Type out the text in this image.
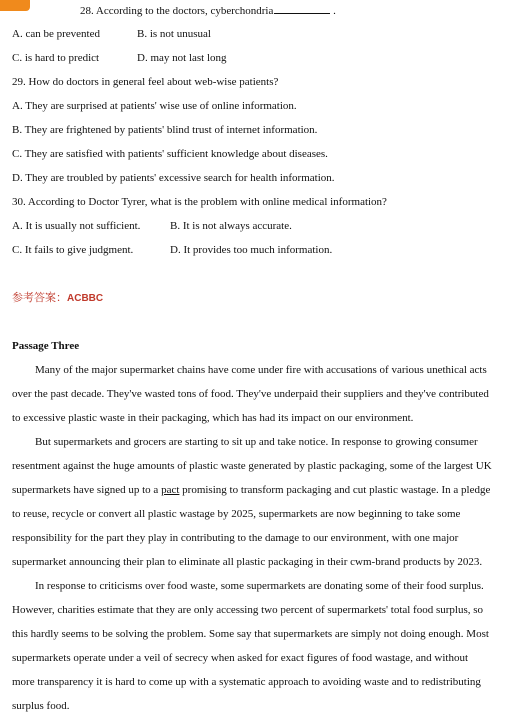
28. According to the doctors, cyberchondria	.
A. can be prevented	B. is not unusual
C. is hard to predict	D. may not last long
29. How do doctors in general feel about web-wise patients?
A. They are surprised at patients' wise use of online information.
B. They are frightened by patients' blind trust of internet information.
C. They are satisfied with patients' sufficient knowledge about diseases.
D. They are troubled by patients' excessive search for health information.
30. According to Doctor Tyrer, what is the problem with online medical information?
A. It is usually not sufficient.	B. It is not always accurate.
C. It fails to give judgment.	D. It provides too much information.
参考答案：ACBBC
Passage Three
Many of the major supermarket chains have come under fire with accusations of various unethical acts
over the past decade. They've wasted tons of food. They've underpaid their suppliers and they've contributed
to excessive plastic waste in their packaging, which has had its impact on our environment.
But supermarkets and grocers are starting to sit up and take notice. In response to growing consumer
resentment against the huge amounts of plastic waste generated by plastic packaging, some of the largest UK
supermarkets have signed up to a pact promising to transform packaging and cut plastic wastage. In a pledge
to reuse, recycle or convert all plastic wastage by 2025, supermarkets are now beginning to take some
responsibility for the part they play in contributing to the damage to our environment, with one major
supermarket announcing their plan to eliminate all plastic packaging in their cwm-brand products by 2023.
In response to criticisms over food waste, some supermarkets are donating some of their food surplus.
However, charities estimate that they are only accessing two percent of supermarkets' total food surplus, so
this hardly seems to be solving the problem. Some say that supermarkets are simply not doing enough. Most
supermarkets operate under a veil of secrecy when asked for exact figures of food wastage, and without
more transparency it is hard to come up with a systematic approach to avoiding waste and to redistributing
surplus food.
